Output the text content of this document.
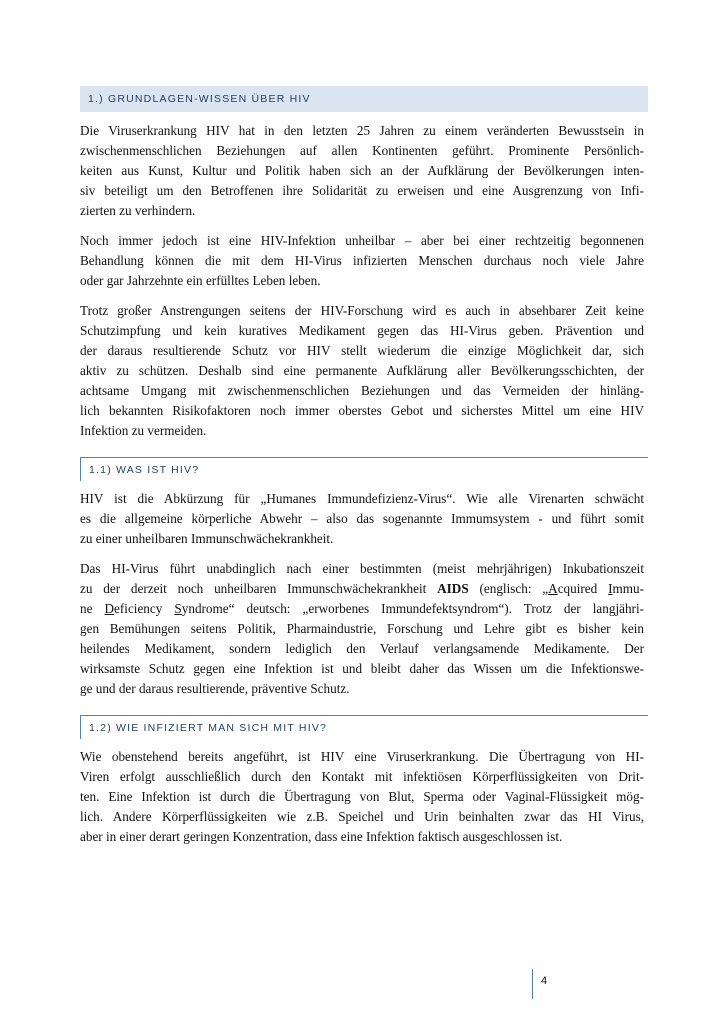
1.) GRUNDLAGEN-WISSEN ÜBER HIV
Die Viruserkrankung HIV hat in den letzten 25 Jahren zu einem veränderten Bewusstsein in
zwischenmenschlichen Beziehungen auf allen Kontinenten geführt. Prominente Persönlich-
keiten aus Kunst, Kultur und Politik haben sich an der Aufklärung der Bevölkerungen inten-
siv beteiligt um den Betroffenen ihre Solidarität zu erweisen und eine Ausgrenzung von Infi-
zierten zu verhindern.
Noch immer jedoch ist eine HIV-Infektion unheilbar – aber bei einer rechtzeitig begonnenen
Behandlung können die mit dem HI-Virus infizierten Menschen durchaus noch viele Jahre
oder gar Jahrzehnte ein erfülltes Leben leben.
Trotz großer Anstrengungen seitens der HIV-Forschung wird es auch in absehbarer Zeit keine
Schutzimpfung und kein kuratives Medikament gegen das HI-Virus geben. Prävention und
der daraus resultierende Schutz vor HIV stellt wiederum die einzige Möglichkeit dar, sich
aktiv zu schützen. Deshalb sind eine permanente Aufklärung aller Bevölkerungsschichten, der
achtsame Umgang mit zwischenmenschlichen Beziehungen und das Vermeiden der hinläng-
lich bekannten Risikofaktoren noch immer oberstes Gebot und sicherstes Mittel um eine HIV
Infektion zu vermeiden.
1.1) WAS IST HIV?
HIV ist die Abkürzung für „Humanes Immundefizienz-Virus“. Wie alle Virenarten schwächt
es die allgemeine körperliche Abwehr – also das sogenannte Immumsystem - und führt somit
zu einer unheilbaren Immunschwächekrankheit.
Das HI-Virus führt unabdinglich nach einer bestimmten (meist mehrjährigen) Inkubationszeit
zu der derzeit noch unheilbaren Immunschwächekrankheit AIDS (englisch: „Acquired Immu-
ne Deficiency Syndrome“ deutsch: „erworbenes Immundefektsyndrom“). Trotz der langjähri-
gen Bemühungen seitens Politik, Pharmaindustrie, Forschung und Lehre gibt es bisher kein
heilendes Medikament, sondern lediglich den Verlauf verlangsamende Medikamente. Der
wirksamste Schutz gegen eine Infektion ist und bleibt daher das Wissen um die Infektionswe-
ge und der daraus resultierende, präventive Schutz.
1.2) WIE INFIZIERT MAN SICH MIT HIV?
Wie obenstehend bereits angeführt, ist HIV eine Viruserkrankung. Die Übertragung von HI-
Viren erfolgt ausschließlich durch den Kontakt mit infektiösen Körperflüssigkeiten von Drit-
ten. Eine Infektion ist durch die Übertragung von Blut, Sperma oder Vaginal-Flüssigkeit mög-
lich. Andere Körperflüssigkeiten wie z.B. Speichel und Urin beinhalten zwar das HI Virus,
aber in einer derart geringen Konzentration, dass eine Infektion faktisch ausgeschlossen ist.
4
